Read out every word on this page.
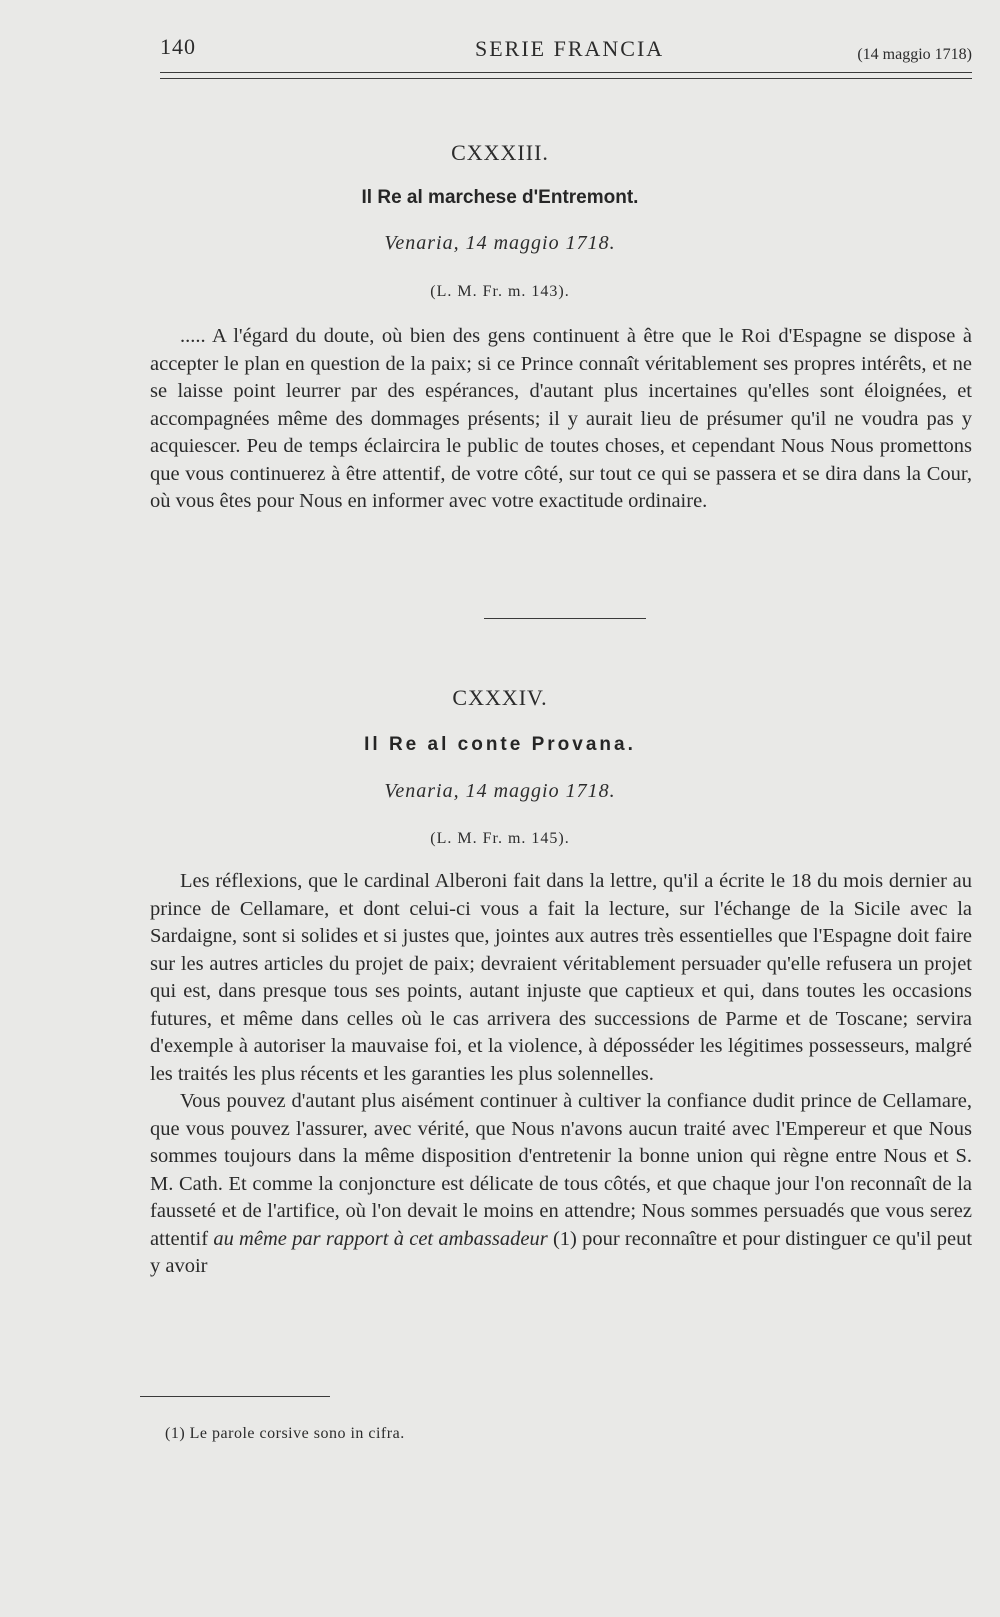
140	SERIE FRANCIA	(14 maggio 1718)
CXXXIII.
Il Re al marchese d'Entremont.
Venaria, 14 maggio 1718.
(L. M. Fr. m. 143).

..... A l'égard du doute, où bien des gens continuent à être que le Roi d'Espagne se dispose à accepter le plan en question de la paix; si ce Prince connaît véritablement ses propres intérêts, et ne se laisse point leurrer par des espérances, d'autant plus incertaines qu'elles sont éloignées, et accompagnées même des dommages présents; il y aurait lieu de présumer qu'il ne voudra pas y acquiescer. Peu de temps éclaircira le public de toutes choses, et cependant Nous Nous promettons que vous continuerez à être attentif, de votre côté, sur tout ce qui se passera et se dira dans la Cour, où vous êtes pour Nous en informer avec votre exactitude ordinaire.

CXXXIV.
Il Re al conte Provana.
Venaria, 14 maggio 1718.
(L. M. Fr. m. 145).

Les réflexions, que le cardinal Alberoni fait dans la lettre, qu'il a écrite le 18 du mois dernier au prince de Cellamare, et dont celui-ci vous a fait la lecture, sur l'échange de la Sicile avec la Sardaigne, sont si solides et si justes que, jointes aux autres très essentielles que l'Espagne doit faire sur les autres articles du projet de paix; devraient véritablement persuader qu'elle refusera un projet qui est, dans presque tous ses points, autant injuste que captieux et qui, dans toutes les occasions futures, et même dans celles où le cas arrivera des successions de Parme et de Toscane; servira d'exemple à autoriser la mauvaise foi, et la violence, à déposséder les légitimes possesseurs, malgré les traités les plus récents et les garanties les plus solennelles.

Vous pouvez d'autant plus aisément continuer à cultiver la confiance dudit prince de Cellamare, que vous pouvez l'assurer, avec vérité, que Nous n'avons aucun traité avec l'Empereur et que Nous sommes toujours dans la même disposition d'entretenir la bonne union qui règne entre Nous et S. M. Cath. Et comme la conjoncture est délicate de tous côtés, et que chaque jour l'on reconnaît de la fausseté et de l'artifice, où l'on devait le moins en attendre; Nous sommes persuadés que vous serez attentif au même par rapport à cet ambassadeur (1) pour reconnaître et pour distinguer ce qu'il peut y avoir

(1) Le parole corsive sono in cifra.
